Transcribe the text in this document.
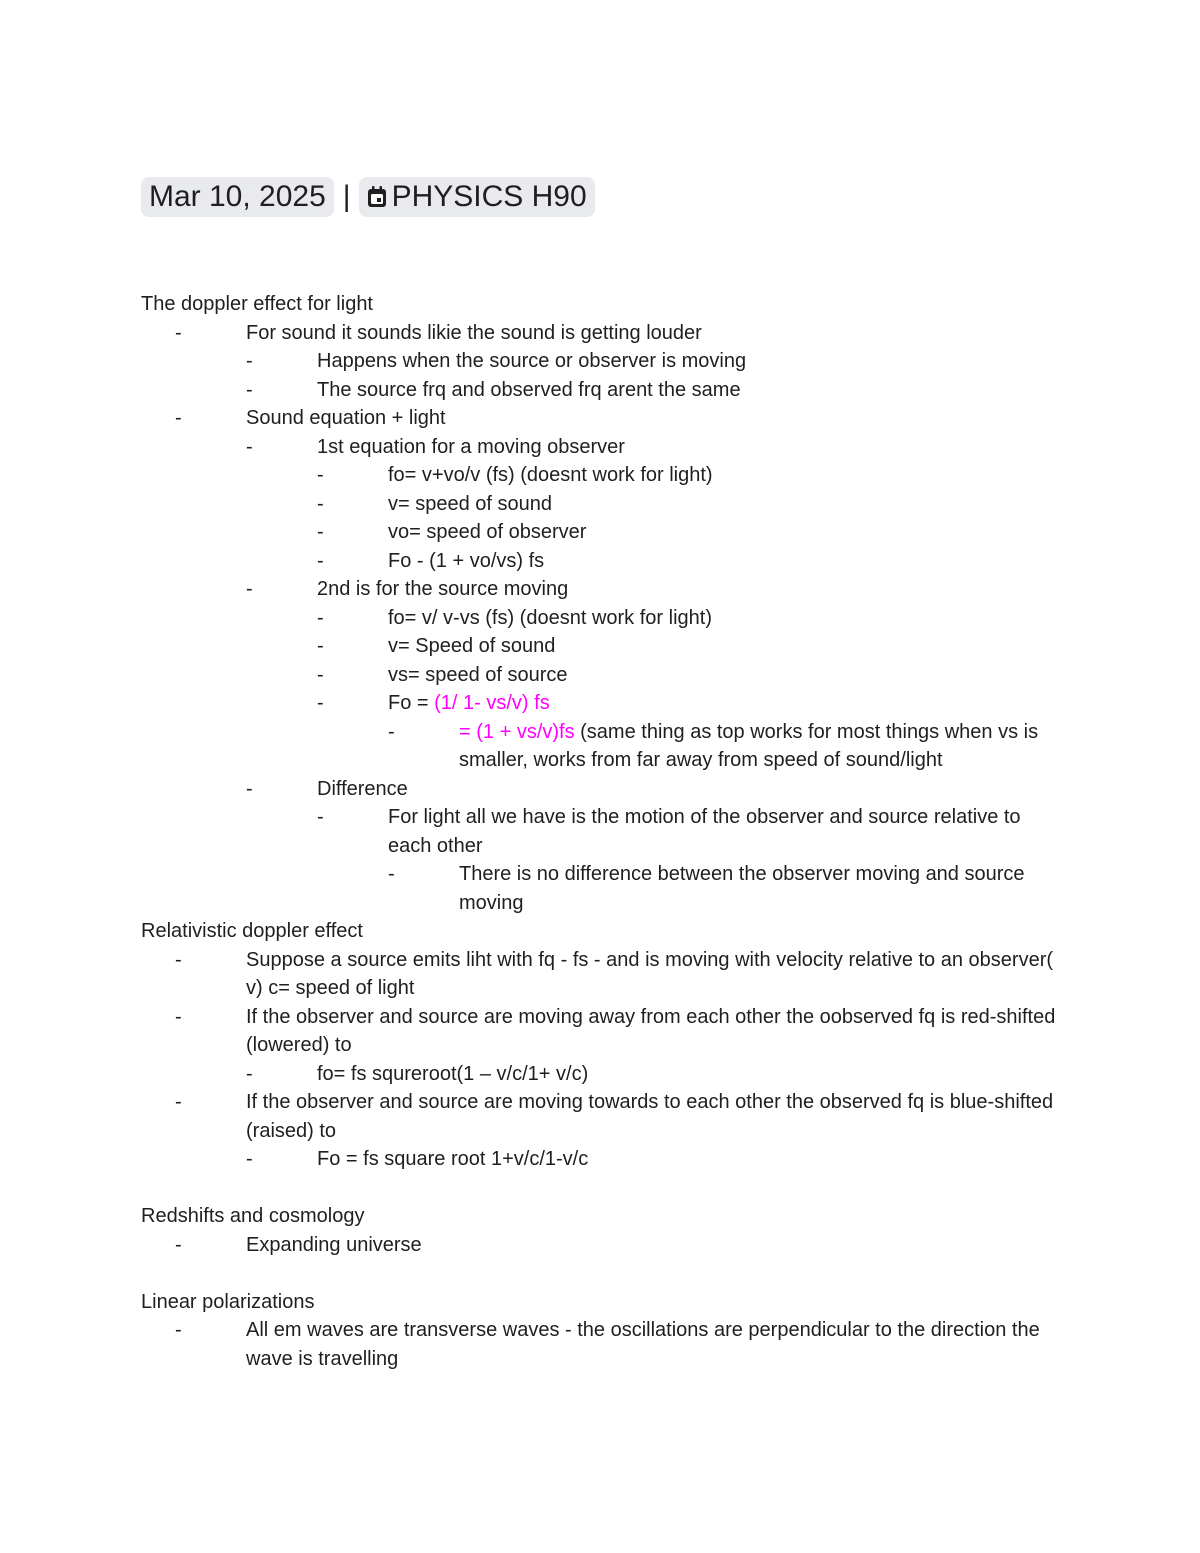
Mar 10, 2025 | PHYSICS H90

The doppler effect for light

-	For sound it sounds likie the sound is getting louder
-	Happens when the source or observer is moving
-	The source frq and observed frq arent the same
-	Sound equation + light
-	1st equation for a moving observer
-	fo= v+vo/v (fs) (doesnt work for light)
-	v= speed of sound
-	vo= speed of observer
-	Fo - (1 + vo/vs) fs
-	2nd is for the source moving
-	fo= v/ v-vs (fs) (doesnt work for light)
-	v= Speed of sound
-	vs= speed of source
-	Fo = (1/ 1- vs/v) fs
-	= (1 + vs/v)fs (same thing as top works for most things when vs is smaller, works from far away from speed of sound/light
-	Difference
-	For light all we have is the motion of the observer and source relative to each other
-	There is no difference between the observer moving and source moving

Relativistic doppler effect

-	Suppose a source emits liht with fq - fs - and is moving with velocity relative to an observer( v) c= speed of light
-	If the observer and source are moving away from each other the oobserved fq is red-shifted (lowered) to
-	fo= fs squreroot(1 – v/c/1+ v/c)
-	If the observer and source are moving towards to each other the observed fq is blue-shifted (raised) to
-	Fo = fs square root 1+v/c/1-v/c

Redshifts and cosmology

-	Expanding universe

Linear polarizations

-	All em waves are transverse waves - the oscillations are perpendicular to the direction the wave is travelling
